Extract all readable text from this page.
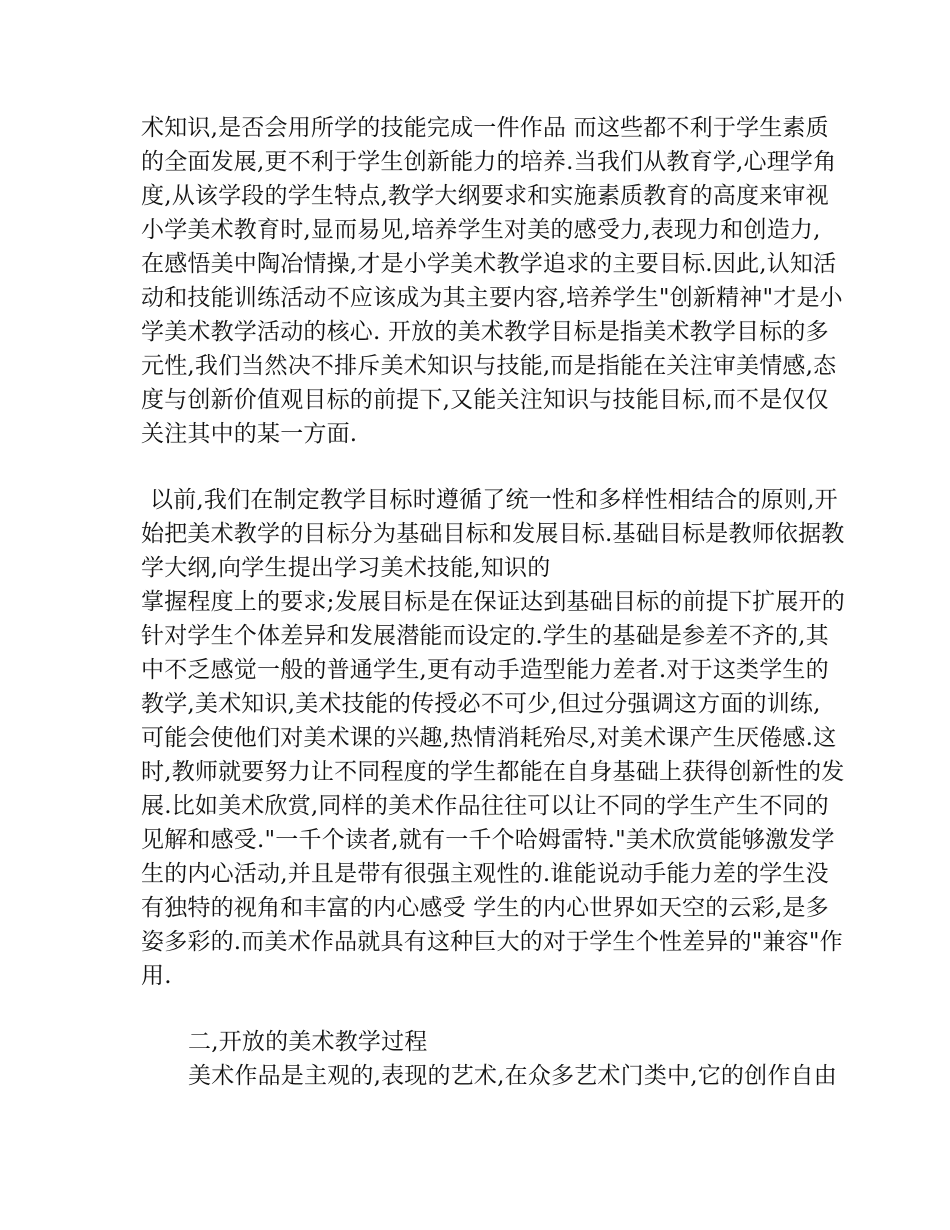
术知识,是否会用所学的技能完成一件作品 而这些都不利于学生素质
的全面发展,更不利于学生创新能力的培养.当我们从教育学,心理学角
度,从该学段的学生特点,教学大纲要求和实施素质教育的高度来审视
小学美术教育时,显而易见,培养学生对美的感受力,表现力和创造力,
在感悟美中陶冶情操,才是小学美术教学追求的主要目标.因此,认知活
动和技能训练活动不应该成为其主要内容,培养学生"创新精神"才是小
学美术教学活动的核心. 开放的美术教学目标是指美术教学目标的多
元性,我们当然决不排斥美术知识与技能,而是指能在关注审美情感,态
度与创新价值观目标的前提下,又能关注知识与技能目标,而不是仅仅
关注其中的某一方面.
以前,我们在制定教学目标时遵循了统一性和多样性相结合的原则,开
始把美术教学的目标分为基础目标和发展目标.基础目标是教师依据教
学大纲,向学生提出学习美术技能,知识的
掌握程度上的要求;发展目标是在保证达到基础目标的前提下扩展开的
针对学生个体差异和发展潜能而设定的.学生的基础是参差不齐的,其
中不乏感觉一般的普通学生,更有动手造型能力差者.对于这类学生的
教学,美术知识,美术技能的传授必不可少,但过分强调这方面的训练,
可能会使他们对美术课的兴趣,热情消耗殆尽,对美术课产生厌倦感.这
时,教师就要努力让不同程度的学生都能在自身基础上获得创新性的发
展.比如美术欣赏,同样的美术作品往往可以让不同的学生产生不同的
见解和感受."一千个读者,就有一千个哈姆雷特."美术欣赏能够激发学
生的内心活动,并且是带有很强主观性的.谁能说动手能力差的学生没
有独特的视角和丰富的内心感受 学生的内心世界如天空的云彩,是多
姿多彩的.而美术作品就具有这种巨大的对于学生个性差异的"兼容"作
用.
二,开放的美术教学过程
美术作品是主观的,表现的艺术,在众多艺术门类中,它的创作自由
